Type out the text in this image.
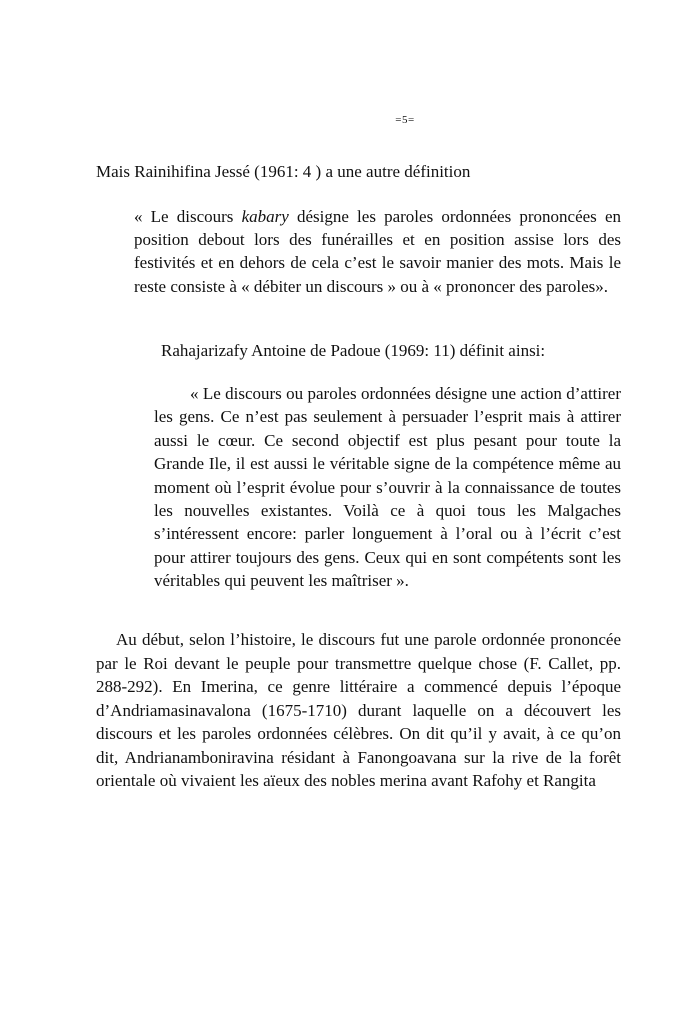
=5=
Mais Rainihifina Jessé (1961: 4 ) a une autre définition
« Le discours kabary désigne les paroles ordonnées prononcées en position debout lors des funérailles et en position assise lors des festivités et en dehors de cela c’est le savoir manier des mots. Mais le reste consiste à « débiter un discours » ou à « prononcer des paroles».
Rahajarizafy Antoine de Padoue (1969: 11) définit ainsi:
« Le discours ou paroles ordonnées désigne une action d’attirer les gens. Ce n’est pas seulement à persuader l’esprit mais à attirer aussi le cœur. Ce second objectif est plus pesant pour toute la Grande Ile, il est aussi le véritable signe de la compétence même au moment où l’esprit évolue pour s’ouvrir à la connaissance de toutes les nouvelles existantes. Voilà ce à quoi tous les Malgaches s’intéressent encore: parler longuement à l’oral ou à l’écrit c’est pour attirer toujours des gens. Ceux qui en sont compétents sont les véritables qui peuvent les maîtriser ».
Au début, selon l’histoire, le discours fut une parole ordonnée prononcée par le Roi devant le peuple pour transmettre quelque chose (F. Callet, pp. 288-292). En Imerina, ce genre littéraire a commencé depuis l’époque d’Andriamasinavalona (1675-1710) durant laquelle on a découvert les discours et les paroles ordonnées célèbres. On dit qu’il y avait, à ce qu’on dit, Andrianamboniravina résidant à Fanongoavana sur la rive de la forêt orientale où vivaient les aïeux des nobles merina avant Rafohy et Rangita
